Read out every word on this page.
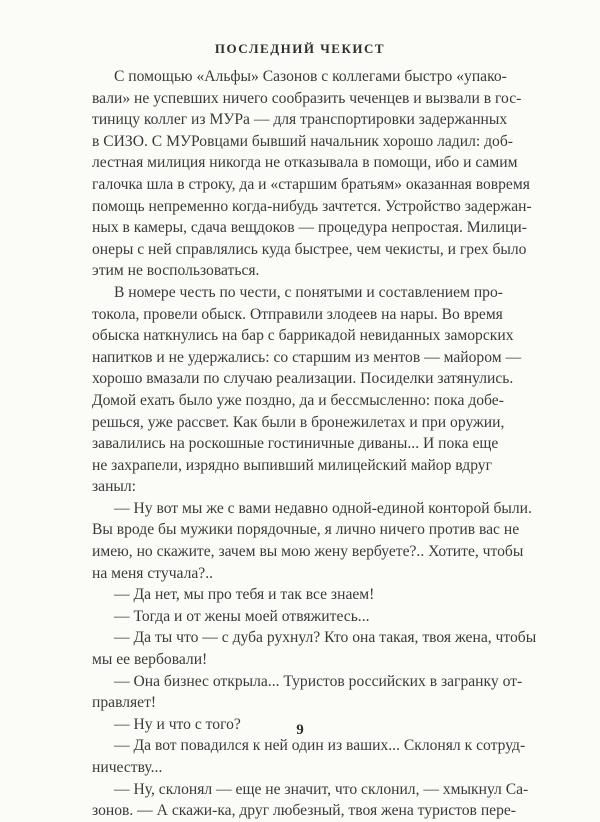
ПОСЛЕДНИЙ ЧЕКИСТ
С помощью «Альфы» Сазонов с коллегами быстро «упако-
вали» не успевших ничего сообразить чеченцев и вызвали в гос-
тиницу коллег из МУРа — для транспортировки задержанных
в СИЗО. С МУРовцами бывший начальник хорошо ладил: доб-
лестная милиция никогда не отказывала в помощи, ибо и самим
галочка шла в строку, да и «старшим братьям» оказанная вовремя
помощь непременно когда-нибудь зачтется. Устройство задержан-
ных в камеры, сдача вещдоков — процедура непростая. Милици-
онеры с ней справлялись куда быстрее, чем чекисты, и грех было
этим не воспользоваться.
В номере честь по чести, с понятыми и составлением про-
токола, провели обыск. Отправили злодеев на нары. Во время
обыска наткнулись на бар с баррикадой невиданных заморских
напитков и не удержались: со старшим из ментов — майором —
хорошо вмазали по случаю реализации. Посиделки затянулись.
Домой ехать было уже поздно, да и бессмысленно: пока добе-
решься, уже рассвет. Как были в бронежилетах и при оружии,
завалились на роскошные гостиничные диваны... И пока еще
не захрапели, изрядно выпивший милицейский майор вдруг
заныл:
— Ну вот мы же с вами недавно одной-единой конторой были.
Вы вроде бы мужики порядочные, я лично ничего против вас не
имею, но скажите, зачем вы мою жену вербуете?.. Хотите, чтобы
на меня стучала?..
— Да нет, мы про тебя и так все знаем!
— Тогда и от жены моей отвяжитесь...
— Да ты что — с дуба рухнул? Кто она такая, твоя жена, чтобы
мы ее вербовали!
— Она бизнес открыла... Туристов российских в загранку от-
правляет!
— Ну и что с того?
— Да вот повадился к ней один из ваших... Склонял к сотруд-
ничеству...
— Ну, склонял — еще не значит, что склонил, — хмыкнул Са-
зонов. — А скажи-ка, друг любезный, твоя жена туристов пере-
9
